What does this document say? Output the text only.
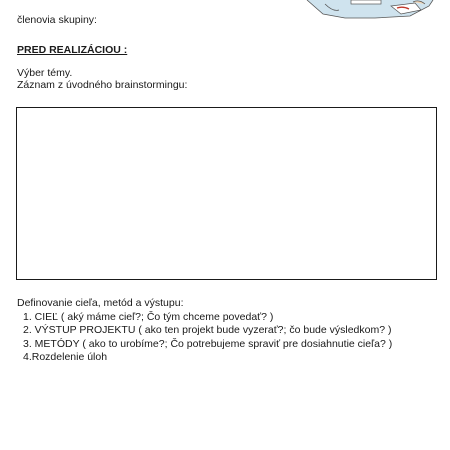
členovia skupiny:
PRED REALIZÁCIOU :
Výber témy.
Záznam z úvodného brainstormingu:
Definovanie cieľa, metód a výstupu:
1. CIEĽ ( aký máme cieľ?; Čo tým chceme povedať? )
2. VÝSTUP PROJEKTU ( ako ten projekt bude vyzerať?; čo bude výsledkom? )
3. METÓDY ( ako to urobíme?; Čo potrebujeme spraviť pre dosiahnutie cieľa? )
4.Rozdelenie úloh
